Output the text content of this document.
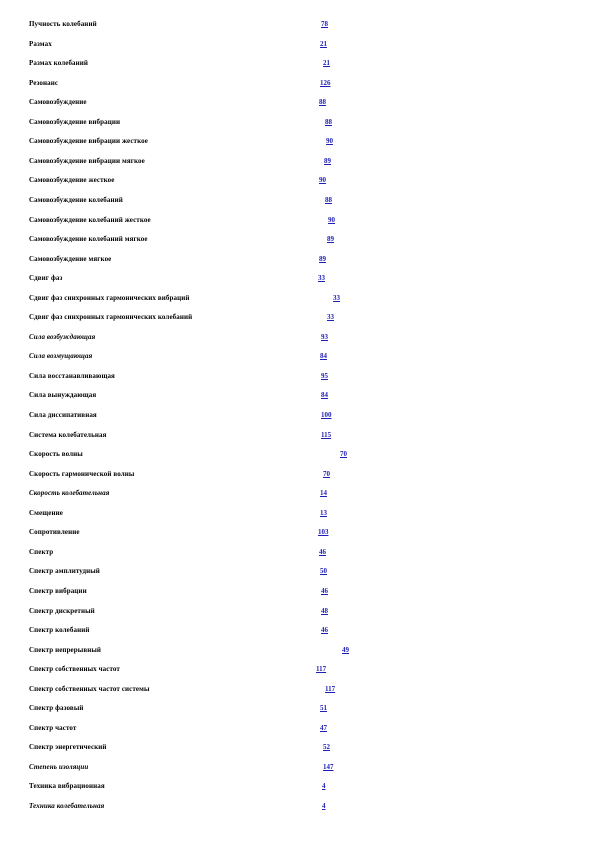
Пучность колебаний	78
Размах	21
Размах колебаний	21
Резонанс	126
Самовозбуждение	88
Самовозбуждение вибрации	88
Самовозбуждение вибрации жесткое	90
Самовозбуждение вибрации мягкое	89
Самовозбуждение жесткое	90
Самовозбуждение колебаний	88
Самовозбуждение колебаний жесткое	90
Самовозбуждение колебаний мягкое	89
Самовозбуждение мягкое	89
Сдвиг фаз	33
Сдвиг фаз синхронных гармонических вибраций	33
Сдвиг фаз синхронных гармонических колебаний	33
Сила возбуждающая	93
Сила возмущающая	84
Сила восстанавливающая	95
Сила вынуждающая	84
Сила диссипативная	100
Система колебательная	115
Скорость волны	70
Скорость гармонической волны	70
Скорость колебательная	14
Смещение	13
Сопротивление	103
Спектр	46
Спектр амплитудный	50
Спектр вибрации	46
Спектр дискретный	48
Спектр колебаний	46
Спектр непрерывный	49
Спектр собственных частот	117
Спектр собственных частот системы	117
Спектр фазовый	51
Спектр частот	47
Спектр энергетический	52
Степень изоляции	147
Техника вибрационная	4
Техника колебательная	4
